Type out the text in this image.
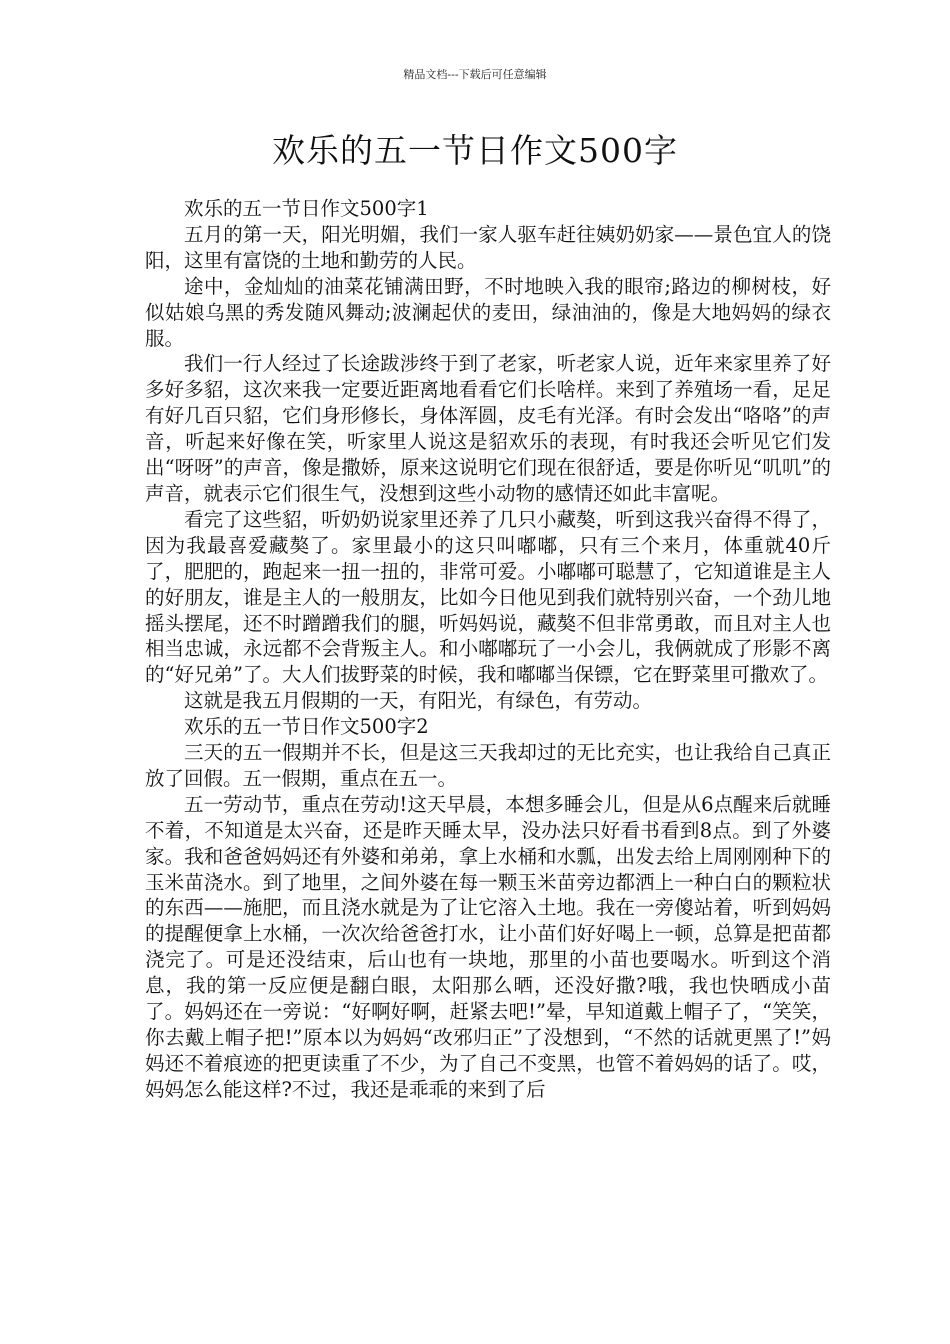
精品文档---下载后可任意编辑
欢乐的五一节日作文500字

欢乐的五一节日作文500字1

五月的第一天，阳光明媚，我们一家人驱车赶往姨奶奶家——景色宜人的饶阳，这里有富饶的土地和勤劳的人民。

途中，金灿灿的油菜花铺满田野，不时地映入我的眼帘;路边的柳树枝，好似姑娘乌黑的秀发随风舞动;波澜起伏的麦田，绿油油的，像是大地妈妈的绿衣服。

我们一行人经过了长途跋涉终于到了老家，听老家人说，近年来家里养了好多好多貂，这次来我一定要近距离地看看它们长啥样。来到了养殖场一看，足足有好几百只貂，它们身形修长，身体浑圆，皮毛有光泽。有时会发出“咯咯”的声音，听起来好像在笑，听家里人说这是貂欢乐的表现，有时我还会听见它们发出“呀呀”的声音，像是撒娇，原来这说明它们现在很舒适，要是你听见“叽叽”的声音，就表示它们很生气，没想到这些小动物的感情还如此丰富呢。

看完了这些貂，听奶奶说家里还养了几只小藏獒，听到这我兴奋得不得了，因为我最喜爱藏獒了。家里最小的这只叫嘟嘟，只有三个来月，体重就40斤了，肥肥的，跑起来一扭一扭的，非常可爱。小嘟嘟可聪慧了，它知道谁是主人的好朋友，谁是主人的一般朋友，比如今日他见到我们就特别兴奋，一个劲儿地摇头摆尾，还不时蹭蹭我们的腿，听妈妈说，藏獒不但非常勇敢，而且对主人也相当忠诚，永远都不会背叛主人。和小嘟嘟玩了一小会儿，我俩就成了形影不离的“好兄弟”了。大人们拔野菜的时候，我和嘟嘟当保镖，它在野菜里可撒欢了。

这就是我五月假期的一天，有阳光，有绿色，有劳动。

欢乐的五一节日作文500字2

三天的五一假期并不长，但是这三天我却过的无比充实，也让我给自己真正放了回假。五一假期，重点在五一。

五一劳动节，重点在劳动!这天早晨，本想多睡会儿，但是从6点醒来后就睡不着，不知道是太兴奋，还是昨天睡太早，没办法只好看书看到8点。到了外婆家。我和爸爸妈妈还有外婆和弟弟，拿上水桶和水瓢，出发去给上周刚刚种下的玉米苗浇水。到了地里，之间外婆在每一颗玉米苗旁边都洒上一种白白的颗粒状的东西——施肥，而且浇水就是为了让它溶入土地。我在一旁傻站着，听到妈妈的提醒便拿上水桶，一次次给爸爸打水，让小苗们好好喝上一顿，总算是把苗都浇完了。可是还没结束，后山也有一块地，那里的小苗也要喝水。听到这个消息，我的第一反应便是翻白眼，太阳那么晒，还没好撒?哦，我也快晒成小苗了。妈妈还在一旁说：“好啊好啊，赶紧去吧!”晕，早知道戴上帽子了，“笑笑，你去戴上帽子把!”原本以为妈妈“改邪归正”了没想到，“不然的话就更黑了!”妈妈还不着痕迹的把更读重了不少，为了自己不变黑，也管不着妈妈的话了。哎，妈妈怎么能这样?不过，我还是乖乖的来到了后
